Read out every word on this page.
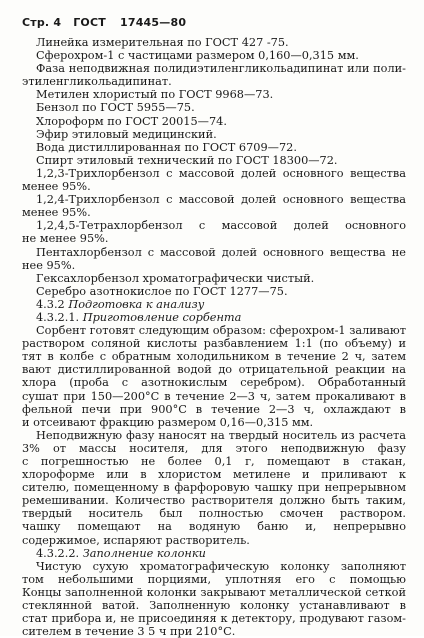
Стр. 4 ГОСТ 17445—80
Линейка измерительная по ГОСТ 427 -75.
Сферохром-1 с частицами размером 0,160—0,315 мм.
Фаза неподвижная полидиэтиленгликольадипинат или поли-
этиленгликольадипинат.
Метилен хлористый по ГОСТ 9968—73.
Бензол по ГОСТ 5955—75.
Хлороформ по ГОСТ 20015—74.
Эфир этиловый медицинский.
Вода дистиллированная по ГОСТ 6709—72.
Спирт этиловый технический по ГОСТ 18300—72.
1,2,3-Трихлорбензол с массовой долей основного вещества
менее 95%.
1,2,4-Трихлорбензол с массовой долей основного вещества
менее 95%.
1,2,4,5-Тетрахлорбензол с массовой долей основного
не менее 95%.
Пентахлорбензол с массовой долей основного вещества не
нее 95%.
Гексахлорбензол хроматографически чистый.
Серебро азотнокислое по ГОСТ 1277—75.
4.3.2 Подготовка к анализу
4.3.2.1. Приготовление сорбента
Сорбент готовят следующим образом: сферохром-1 заливают
раствором соляной кислоты разбавлением 1:1 (по объему) и
тят в колбе с обратным холодильником в течение 2 ч, затем
вают дистиллированной водой до отрицательной реакции на
хлора (проба с азотнокислым серебром). Обработанный
сушат при 150—200°С в течение 2—3 ч, затем прокаливают в
фельной печи при 900°С в течение 2—3 ч, охлаждают в
и отсеивают фракцию размером 0,16—0,315 мм.
Неподвижную фазу наносят на твердый носитель из расчета
3% от массы носителя, для этого неподвижную фазу
с погрешностью не более 0,1 г, помещают в стакан,
хлороформе или в хлористом метилене и приливают к
сителю, помещенному в фарфоровую чашку при непрерывном
ремешивании. Количество растворителя должно быть таким,
твердый носитель был полностью смочен раствором.
чашку помещают на водяную баню и, непрерывно
содержимое, испаряют растворитель.
4.3.2.2. Заполнение колонки
Чистую сухую хроматографическую колонку заполняют
том небольшими порциями, уплотняя его с помощью
Концы заполненной колонки закрывают металлической сеткой
стеклянной ватой. Заполненную колонку устанавливают в
стат прибора и, не присоединяя к детектору, продувают газом-
сителем в течение 3 5 ч при 210°С.
